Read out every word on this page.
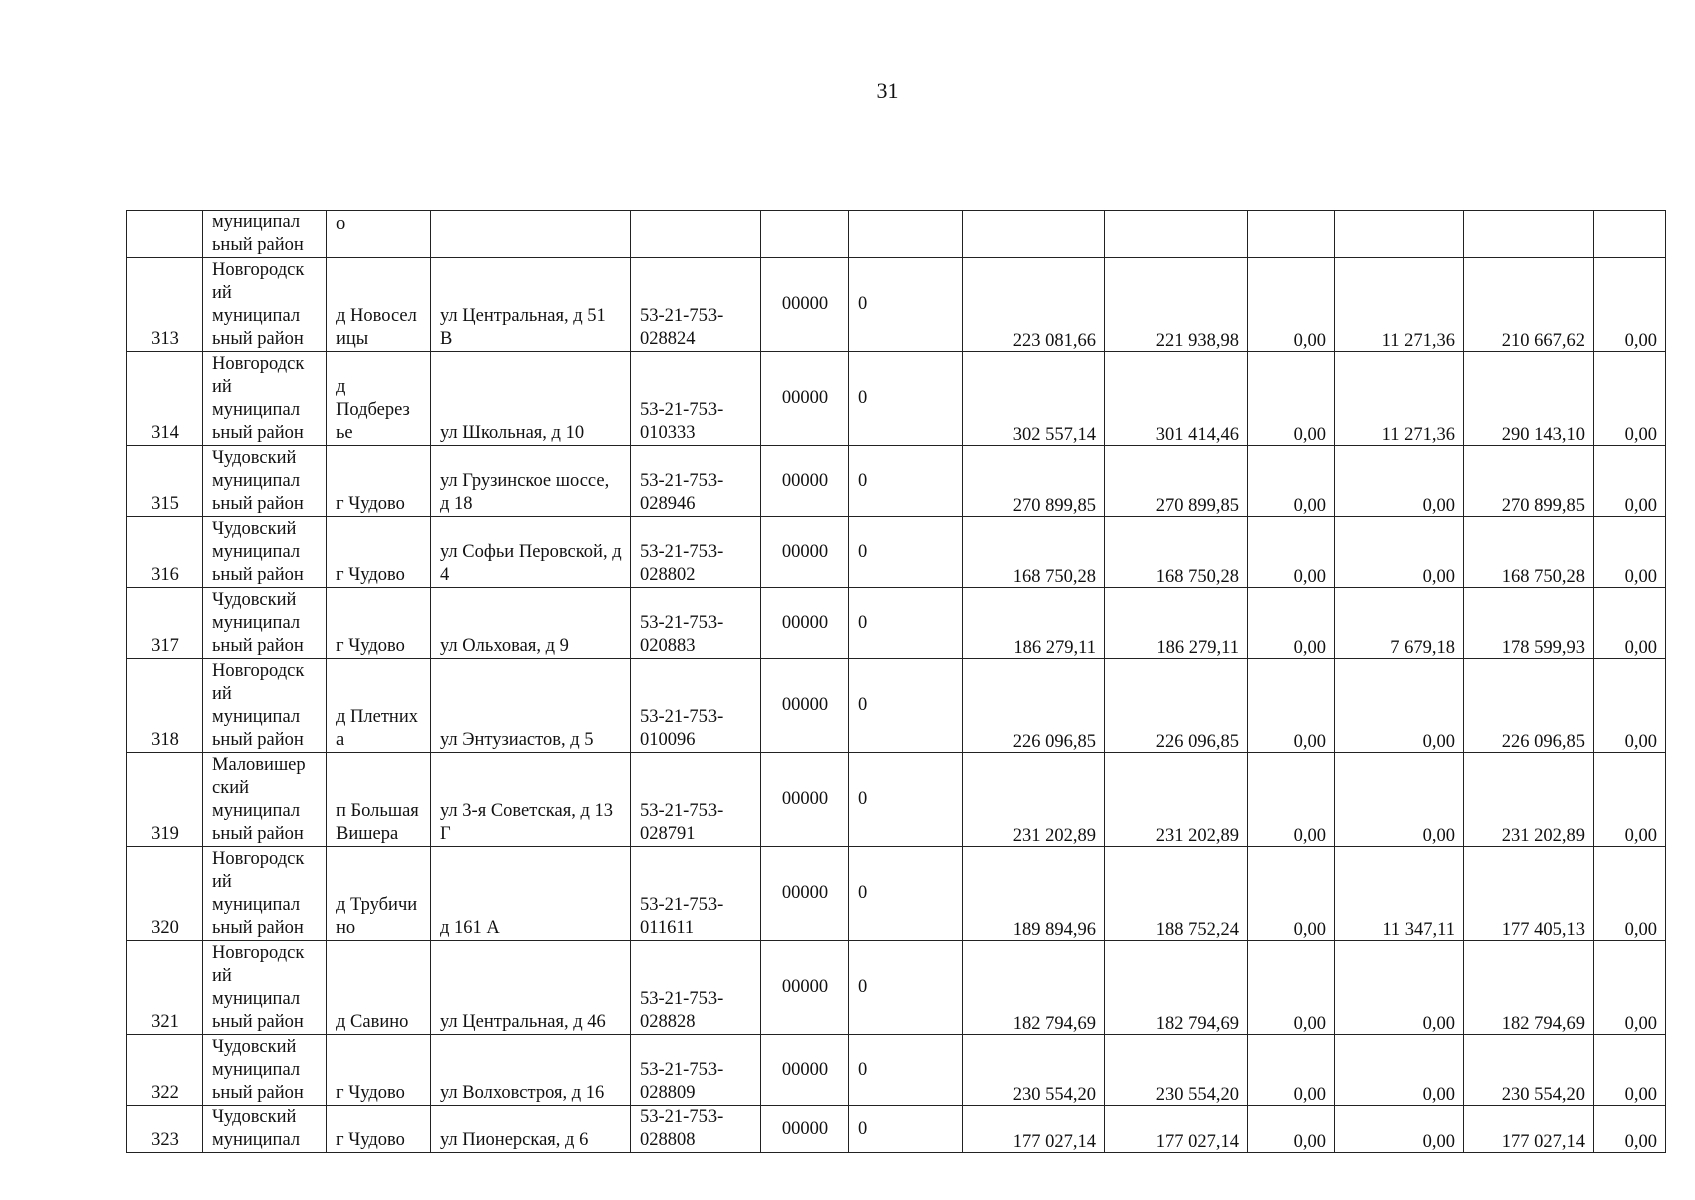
31
	муниципал ьный район	о										
313	Новгородск ий муниципал ьный район	д Новосел ицы	ул Центральная, д 51 В	53-21-753-028824	00000	0	223 081,66	221 938,98	0,00	11 271,36	210 667,62	0,00
314	Новгородск ий муниципал ьный район	д Подберез ье	ул Школьная, д 10	53-21-753-010333	00000	0	302 557,14	301 414,46	0,00	11 271,36	290 143,10	0,00
315	Чудовский муниципал ьный район	г Чудово	ул Грузинское шоссе, д 18	53-21-753-028946	00000	0	270 899,85	270 899,85	0,00	0,00	270 899,85	0,00
316	Чудовский муниципал ьный район	г Чудово	ул Софьи Перовской, д 4	53-21-753-028802	00000	0	168 750,28	168 750,28	0,00	0,00	168 750,28	0,00
317	Чудовский муниципал ьный район	г Чудово	ул Ольховая, д 9	53-21-753-020883	00000	0	186 279,11	186 279,11	0,00	7 679,18	178 599,93	0,00
318	Новгородск ий муниципал ьный район	д Плетних а	ул Энтузиастов, д 5	53-21-753-010096	00000	0	226 096,85	226 096,85	0,00	0,00	226 096,85	0,00
319	Маловишер ский муниципал ьный район	п Большая Вишера	ул 3-я Советская, д 13 Г	53-21-753-028791	00000	0	231 202,89	231 202,89	0,00	0,00	231 202,89	0,00
320	Новгородск ий муниципал ьный район	д Трубичи но	д 161 А	53-21-753-011611	00000	0	189 894,96	188 752,24	0,00	11 347,11	177 405,13	0,00
321	Новгородск ий муниципал ьный район	д Савино	ул Центральная, д 46	53-21-753-028828	00000	0	182 794,69	182 794,69	0,00	0,00	182 794,69	0,00
322	Чудовский муниципал ьный район	г Чудово	ул Волховстроя, д 16	53-21-753-028809	00000	0	230 554,20	230 554,20	0,00	0,00	230 554,20	0,00
323	Чудовский муниципал	г Чудово	ул Пионерская, д 6	53-21-753-028808	00000	0	177 027,14	177 027,14	0,00	0,00	177 027,14	0,00
